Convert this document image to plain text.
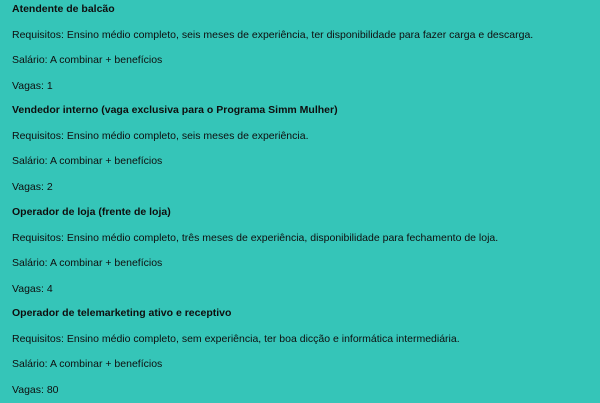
Atendente de balcão
Requisitos: Ensino médio completo, seis meses de experiência, ter disponibilidade para fazer carga e descarga.
Salário: A combinar + benefícios
Vagas: 1
Vendedor interno (vaga exclusiva para o Programa Simm Mulher)
Requisitos: Ensino médio completo, seis meses de experiência.
Salário: A combinar + benefícios
Vagas: 2
Operador de loja (frente de loja)
Requisitos: Ensino médio completo, três meses de experiência, disponibilidade para fechamento de loja.
Salário: A combinar + benefícios
Vagas: 4
Operador de telemarketing ativo e receptivo
Requisitos: Ensino médio completo, sem experiência, ter boa dicção e informática intermediária.
Salário: A combinar + benefícios
Vagas: 80
